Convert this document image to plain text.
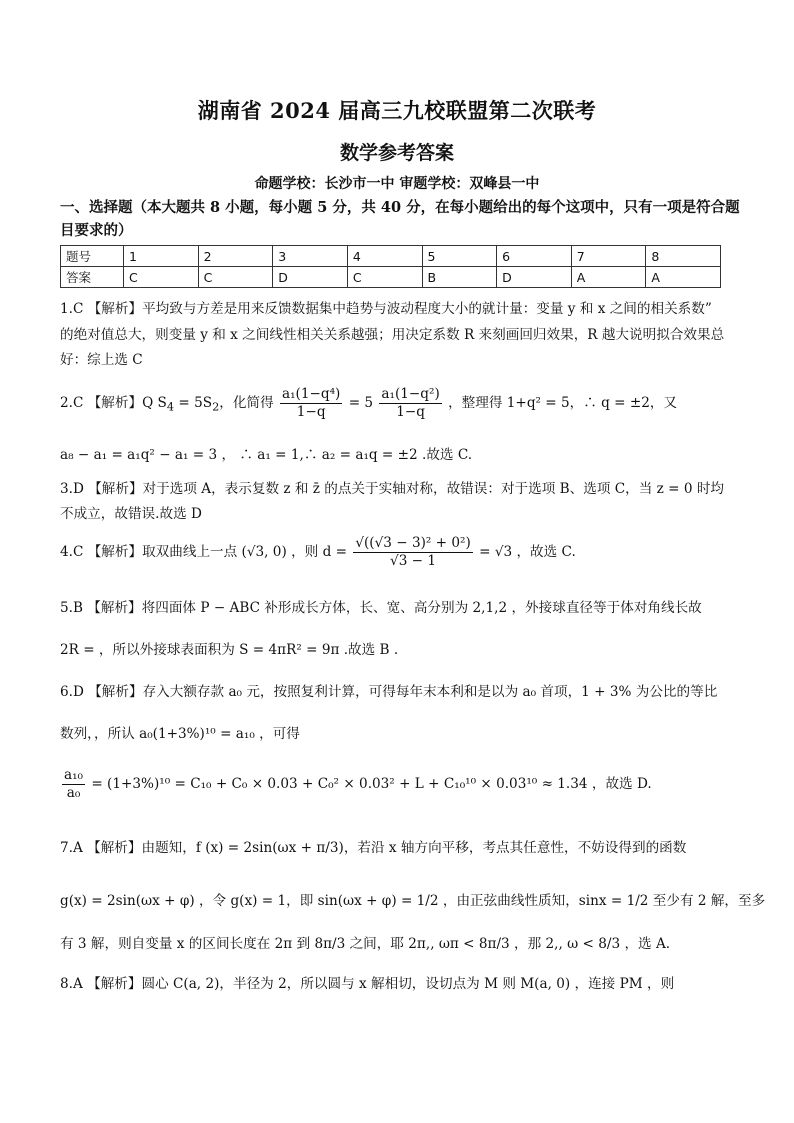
湖南省 2024 届高三九校联盟第二次联考
数学参考答案
命题学校：长沙市一中 审题学校：双峰县一中
一、选择题（本大题共 8 小题，每小题 5 分，共 40 分，在每小题给出的每个这项中，只有一项是符合题目要求的）
题号	1	2	3	4	5	6	7	8
答案	C	C	D	C	B	D	A	A
1.C 【解析】平均致与方差是用来反馈数据集中趋势与波动程度大小的就计量：变量 y 和 x 之间的相关系数”
的绝对值总大，则变量 y 和 x 之间线性相关关系越强；用决定系数 R 来刻画回归效果，R 越大说明拟合效果总
好：综上选 C
2.C 【解析】Q $S_4 = 5S_2$，化简得 $\frac{\text{a₁(1−q⁴)}}{1-q} = 5 \frac{\text{a₁(1−q²)}}{1-q}$ ，整理得 1+q² = 5，∴ q = ±2，又
a₈ − a₁ = a₁q² − a₁ = 3 ， ∴ a₁ = 1,∴ a₂ = a₁q = ±2 .故选 C.
3.D 【解析】对于选项 A，表示复数 z 和 z̄ 的点关于实轴对称，故错误：对于选项 B、选项 C，当 z = 0 时均
不成立，故错误.故选 D
4.C 【解析】取双曲线上一点 (√3, 0) ，则 $d = \frac{\text{√((√3 − 3)² + 0²)}}{√3 - 1} = √3$ ，故选 C.
5.B 【解析】将四面体 P − ABC 补形成长方体，长、宽、高分别为 2,1,2 ，外接球直径等于体对角线长故
2R = ，所以外接球表面积为 S = 4πR² = 9π .故选 B .
6.D 【解析】存入大额存款 a₀ 元，按照复利计算，可得每年末本利和是以为 a₀ 首项，1 + 3% 为公比的等比
数列，，所认 a₀(1+3%)¹⁰ = a₁₀ ，可得
$\frac{\text{a₁₀}}{\text{a₀}} = (1+3\%)^{10} = C_{10} + C_0 \times 0.03 + C_0^2 \times 0.03^2 + L + C_{10}^{10} \times 0.03^{10} \approx 1.34$ ，故选 D.
7.A 【解析】由题知，f (x) = 2sin(ωx + π/3)，若沿 x 轴方向平移，考点其任意性，不妨设得到的函数
g(x) = 2sin(ωx + φ) ，令 g(x) = 1，即 sin(ωx + φ) = 1/2 ，由正弦曲线性质知，sinx = 1/2 至少有 2 解，至多
有 3 解，则自变量 x 的区间长度在 2π 到 8π/3 之间，耶 2π,, ωπ < 8π/3 ，那 2,, ω < 8/3 ，选 A.
8.A 【解析】圆心 C(a, 2)，半径为 2，所以圆与 x 解相切，设切点为 M 则 M(a, 0) ，连接 PM ，则
